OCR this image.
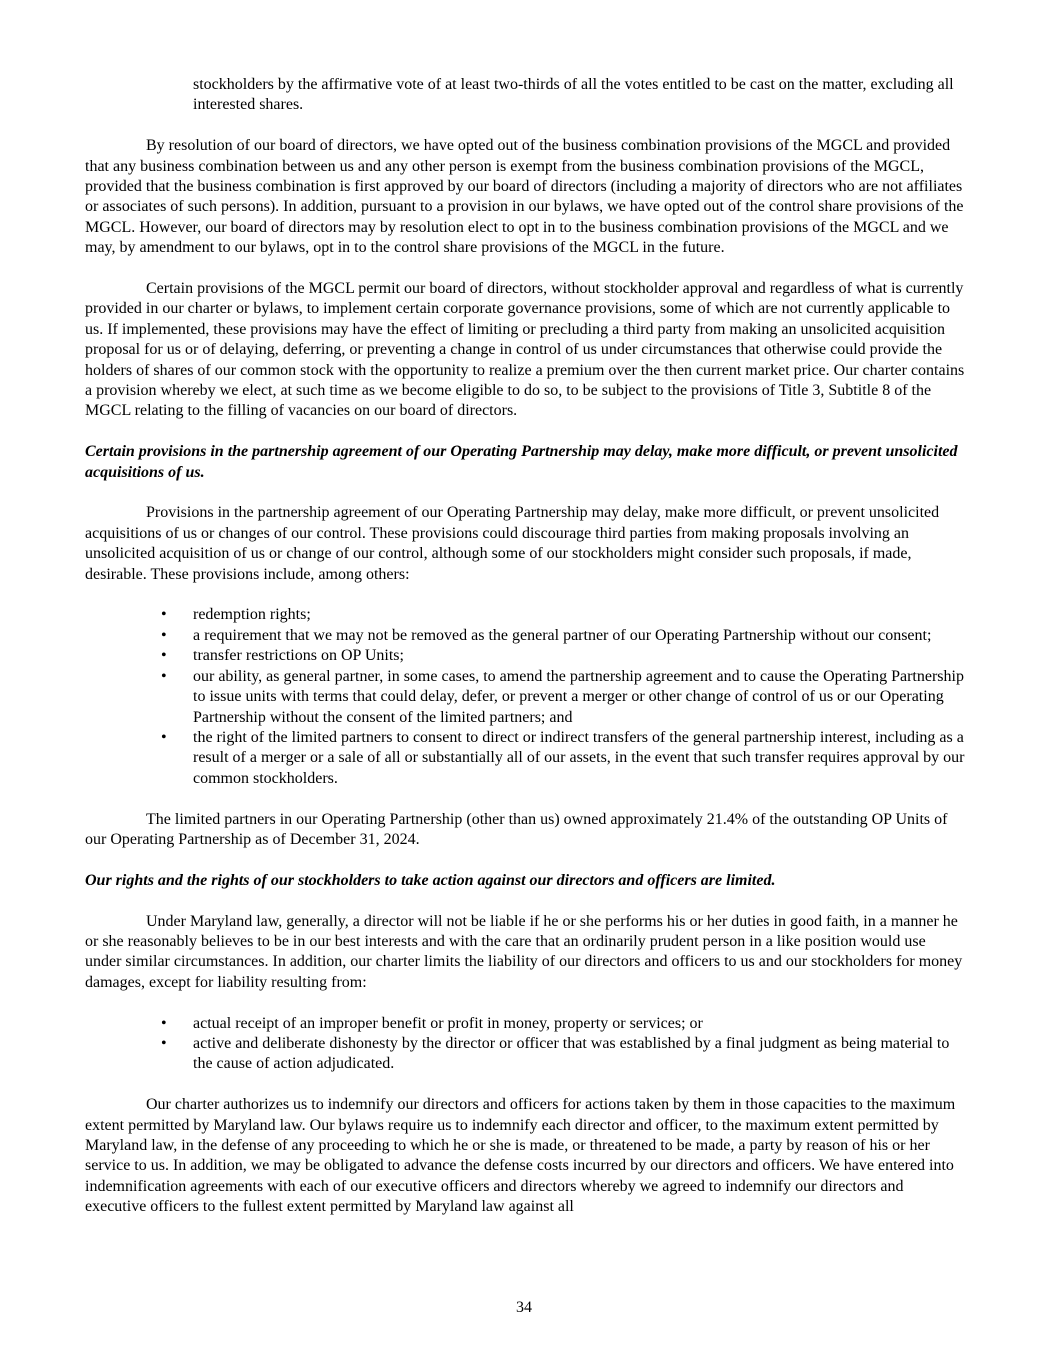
stockholders by the affirmative vote of at least two-thirds of all the votes entitled to be cast on the matter, excluding all interested shares.

By resolution of our board of directors, we have opted out of the business combination provisions of the MGCL and provided that any business combination between us and any other person is exempt from the business combination provisions of the MGCL, provided that the business combination is first approved by our board of directors (including a majority of directors who are not affiliates or associates of such persons). In addition, pursuant to a provision in our bylaws, we have opted out of the control share provisions of the MGCL. However, our board of directors may by resolution elect to opt in to the business combination provisions of the MGCL and we may, by amendment to our bylaws, opt in to the control share provisions of the MGCL in the future.

Certain provisions of the MGCL permit our board of directors, without stockholder approval and regardless of what is currently provided in our charter or bylaws, to implement certain corporate governance provisions, some of which are not currently applicable to us. If implemented, these provisions may have the effect of limiting or precluding a third party from making an unsolicited acquisition proposal for us or of delaying, deferring, or preventing a change in control of us under circumstances that otherwise could provide the holders of shares of our common stock with the opportunity to realize a premium over the then current market price. Our charter contains a provision whereby we elect, at such time as we become eligible to do so, to be subject to the provisions of Title 3, Subtitle 8 of the MGCL relating to the filling of vacancies on our board of directors.

Certain provisions in the partnership agreement of our Operating Partnership may delay, make more difficult, or prevent unsolicited acquisitions of us.

Provisions in the partnership agreement of our Operating Partnership may delay, make more difficult, or prevent unsolicited acquisitions of us or changes of our control. These provisions could discourage third parties from making proposals involving an unsolicited acquisition of us or change of our control, although some of our stockholders might consider such proposals, if made, desirable. These provisions include, among others:

• redemption rights;
• a requirement that we may not be removed as the general partner of our Operating Partnership without our consent;
• transfer restrictions on OP Units;
• our ability, as general partner, in some cases, to amend the partnership agreement and to cause the Operating Partnership to issue units with terms that could delay, defer, or prevent a merger or other change of control of us or our Operating Partnership without the consent of the limited partners; and
• the right of the limited partners to consent to direct or indirect transfers of the general partnership interest, including as a result of a merger or a sale of all or substantially all of our assets, in the event that such transfer requires approval by our common stockholders.

The limited partners in our Operating Partnership (other than us) owned approximately 21.4% of the outstanding OP Units of our Operating Partnership as of December 31, 2024.

Our rights and the rights of our stockholders to take action against our directors and officers are limited.

Under Maryland law, generally, a director will not be liable if he or she performs his or her duties in good faith, in a manner he or she reasonably believes to be in our best interests and with the care that an ordinarily prudent person in a like position would use under similar circumstances. In addition, our charter limits the liability of our directors and officers to us and our stockholders for money damages, except for liability resulting from:

• actual receipt of an improper benefit or profit in money, property or services; or
• active and deliberate dishonesty by the director or officer that was established by a final judgment as being material to the cause of action adjudicated.

Our charter authorizes us to indemnify our directors and officers for actions taken by them in those capacities to the maximum extent permitted by Maryland law. Our bylaws require us to indemnify each director and officer, to the maximum extent permitted by Maryland law, in the defense of any proceeding to which he or she is made, or threatened to be made, a party by reason of his or her service to us. In addition, we may be obligated to advance the defense costs incurred by our directors and officers. We have entered into indemnification agreements with each of our executive officers and directors whereby we agreed to indemnify our directors and executive officers to the fullest extent permitted by Maryland law against all

34
